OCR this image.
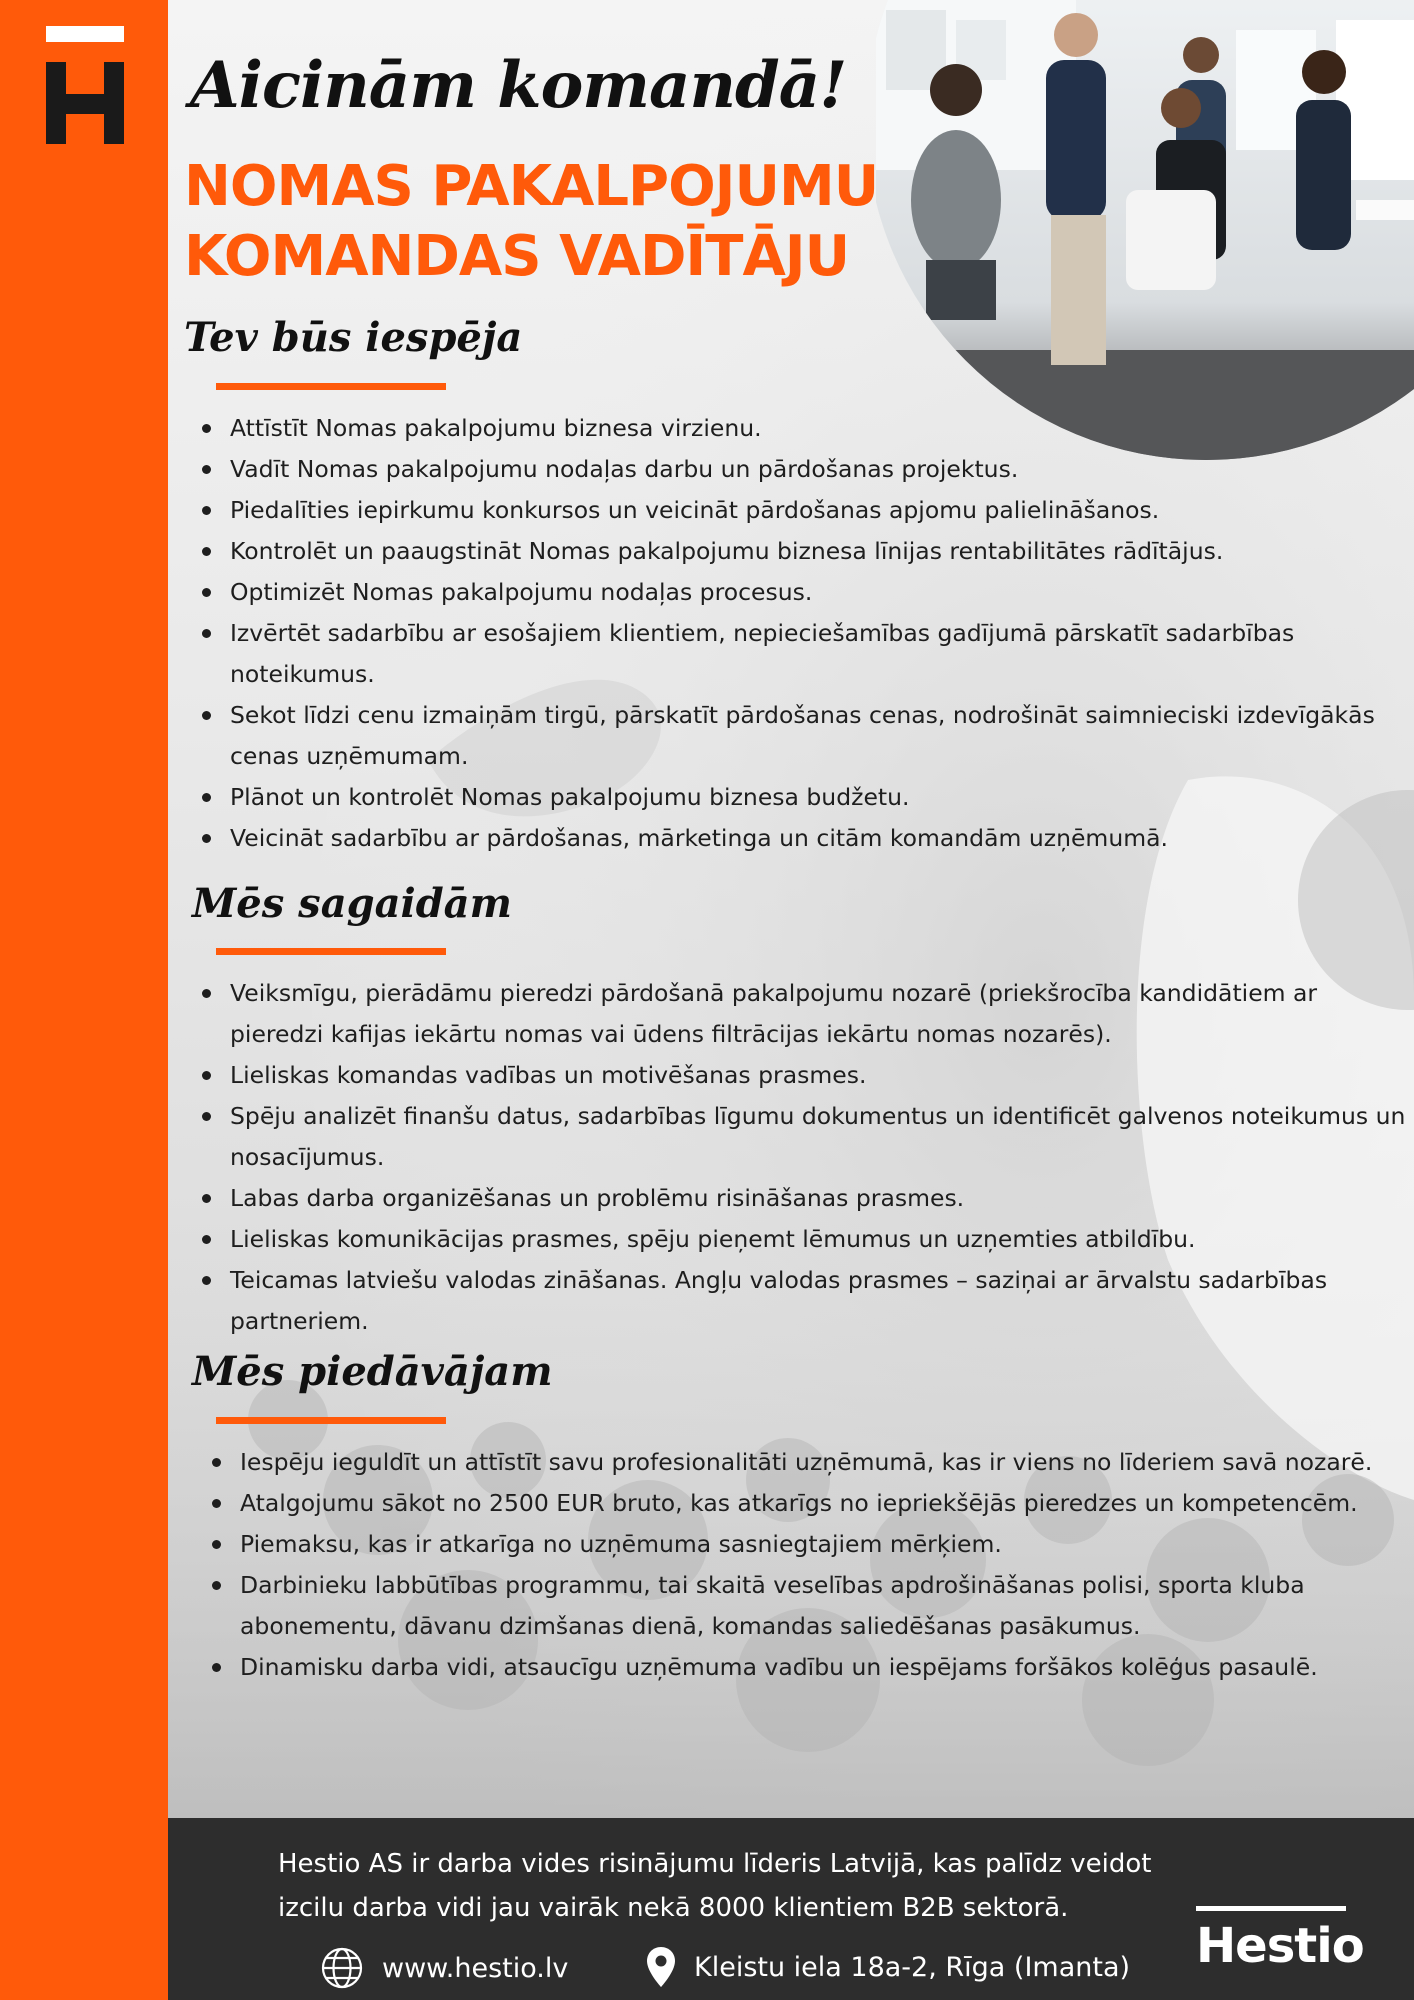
Aicinām komandā!
NOMAS PAKALPOJUMU
KOMANDAS VADĪTĀJU
Tev būs iespēja
Attīstīt Nomas pakalpojumu biznesa virzienu.
Vadīt Nomas pakalpojumu nodaļas darbu un pārdošanas projektus.
Piedalīties iepirkumu konkursos un veicināt pārdošanas apjomu palielināšanos.
Kontrolēt un paaugstināt Nomas pakalpojumu biznesa līnijas rentabilitātes rādītājus.
Optimizēt Nomas pakalpojumu nodaļas procesus.
Izvērtēt sadarbību ar esošajiem klientiem, nepieciešamības gadījumā pārskatīt sadarbības noteikumus.
Sekot līdzi cenu izmaiņām tirgū, pārskatīt pārdošanas cenas, nodrošināt saimnieciski izdevīgākās cenas uzņēmumam.
Plānot un kontrolēt Nomas pakalpojumu biznesa budžetu.
Veicināt sadarbību ar pārdošanas, mārketinga un citām komandām uzņēmumā.
Mēs sagaidām
Veiksmīgu, pierādāmu pieredzi pārdošanā pakalpojumu nozarē (priekšrocība kandidātiem ar pieredzi kafijas iekārtu nomas vai ūdens filtrācijas iekārtu nomas nozarēs).
Lieliskas komandas vadības un motivēšanas prasmes.
Spēju analizēt finanšu datus, sadarbības līgumu dokumentus un identificēt galvenos noteikumus un nosacījumus.
Labas darba organizēšanas un problēmu risināšanas prasmes.
Lieliskas komunikācijas prasmes, spēju pieņemt lēmumus un uzņemties atbildību.
Teicamas latviešu valodas zināšanas. Angļu valodas prasmes – saziņai ar ārvalstu sadarbības partneriem.
Mēs piedāvājam
Iespēju ieguldīt un attīstīt savu profesionalitāti uzņēmumā, kas ir viens no līderiem savā nozarē.
Atalgojumu sākot no 2500 EUR bruto, kas atkarīgs no iepriekšējās pieredzes un kompetencēm.
Piemaksu, kas ir atkarīga no uzņēmuma sasniegtajiem mērķiem.
Darbinieku labbūtības programmu, tai skaitā veselības apdrošināšanas polisi, sporta kluba abonementu, dāvanu dzimšanas dienā, komandas saliedēšanas pasākumus.
Dinamisku darba vidi, atsaucīgu uzņēmuma vadību un iespējams foršākos kolēģus pasaulē.

Hestio AS ir darba vides risinājumu līderis Latvijā, kas palīdz veidot izcilu darba vidi jau vairāk nekā 8000 klientiem B2B sektorā.

www.hestio.lv	Kleistu iela 18a-2, Rīga (Imanta) Hestio
